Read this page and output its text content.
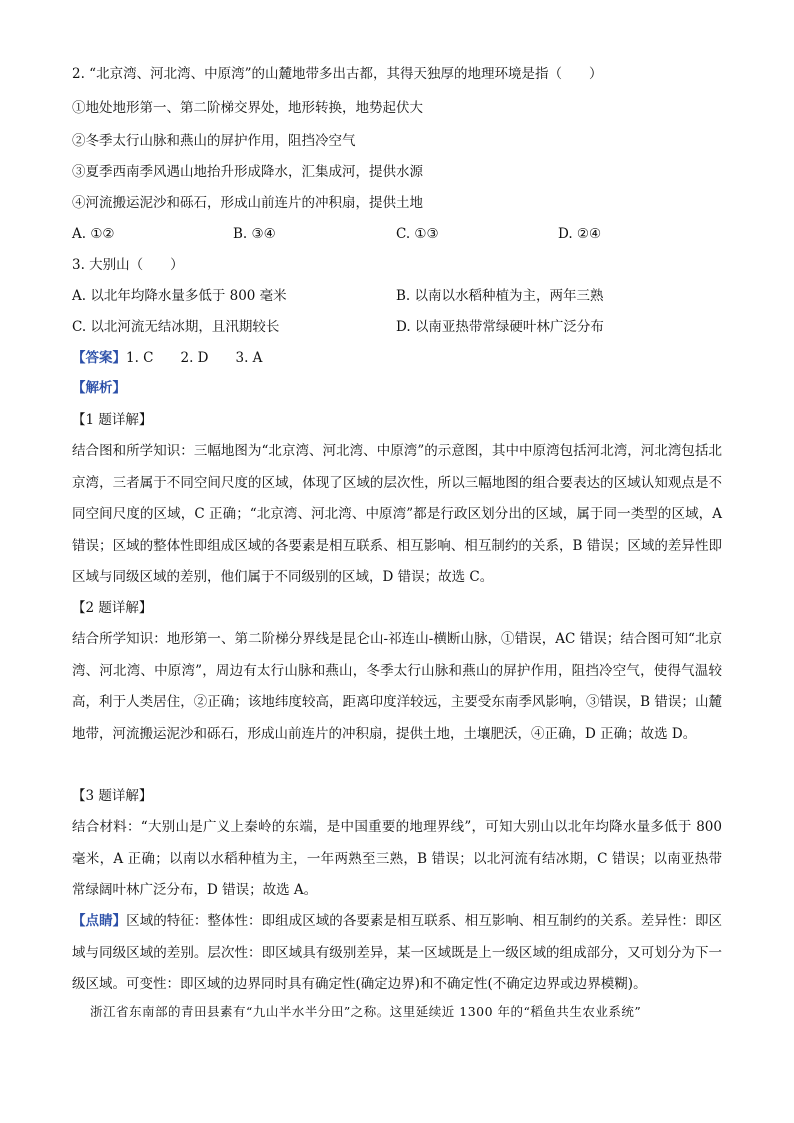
2. “北京湾、河北湾、中原湾”的山麓地带多出古都，其得天独厚的地理环境是指（　　）
①地处地形第一、第二阶梯交界处，地形转换，地势起伏大
②冬季太行山脉和燕山的屏护作用，阻挡冷空气
③夏季西南季风遇山地抬升形成降水，汇集成河，提供水源
④河流搬运泥沙和砾石，形成山前连片的冲积扇，提供土地
A. ①②	B. ③④	C. ①③	D. ②④
3. 大别山（　　）
A. 以北年均降水量多低于 800 毫米	B. 以南以水稻种植为主，两年三熟
C. 以北河流无结冰期，且汛期较长	D. 以南亚热带常绿硬叶林广泛分布
【答案】1. C　　2. D　　3. A
【解析】
【1 题详解】
结合图和所学知识：三幅地图为“北京湾、河北湾、中原湾”的示意图，其中中原湾包括河北湾，河北湾包括北京湾，三者属于不同空间尺度的区域，体现了区域的层次性，所以三幅地图的组合要表达的区域认知观点是不同空间尺度的区域，C 正确；“北京湾、河北湾、中原湾”都是行政区划分出的区域，属于同一类型的区域，A 错误；区域的整体性即组成区域的各要素是相互联系、相互影响、相互制约的关系，B 错误；区域的差异性即区域与同级区域的差别，他们属于不同级别的区域，D 错误；故选 C。
【2 题详解】
结合所学知识：地形第一、第二阶梯分界线是昆仑山-祁连山-横断山脉，①错误，AC 错误；结合图可知“北京湾、河北湾、中原湾”，周边有太行山脉和燕山，冬季太行山脉和燕山的屏护作用，阻挡冷空气，使得气温较高，利于人类居住，②正确；该地纬度较高，距离印度洋较远，主要受东南季风影响，③错误，B 错误；山麓地带，河流搬运泥沙和砾石，形成山前连片的冲积扇，提供土地，土壤肥沃，④正确，D 正确；故选 D。
【3 题详解】
结合材料：“大别山是广义上秦岭的东端，是中国重要的地理界线”，可知大别山以北年均降水量多低于 800 毫米，A 正确；以南以水稻种植为主，一年两熟至三熟，B 错误；以北河流有结冰期，C 错误；以南亚热带常绿阔叶林广泛分布，D 错误；故选 A。
【点睛】区域的特征：整体性：即组成区域的各要素是相互联系、相互影响、相互制约的关系。差异性：即区域与同级区域的差别。层次性：即区域具有级别差异，某一区域既是上一级区域的组成部分，又可划分为下一级区域。可变性：即区域的边界同时具有确定性(确定边界)和不确定性(不确定边界或边界模糊)。
浙江省东南部的青田县素有“九山半水半分田”之称。这里延续近 1300 年的“稻鱼共生农业系统”
